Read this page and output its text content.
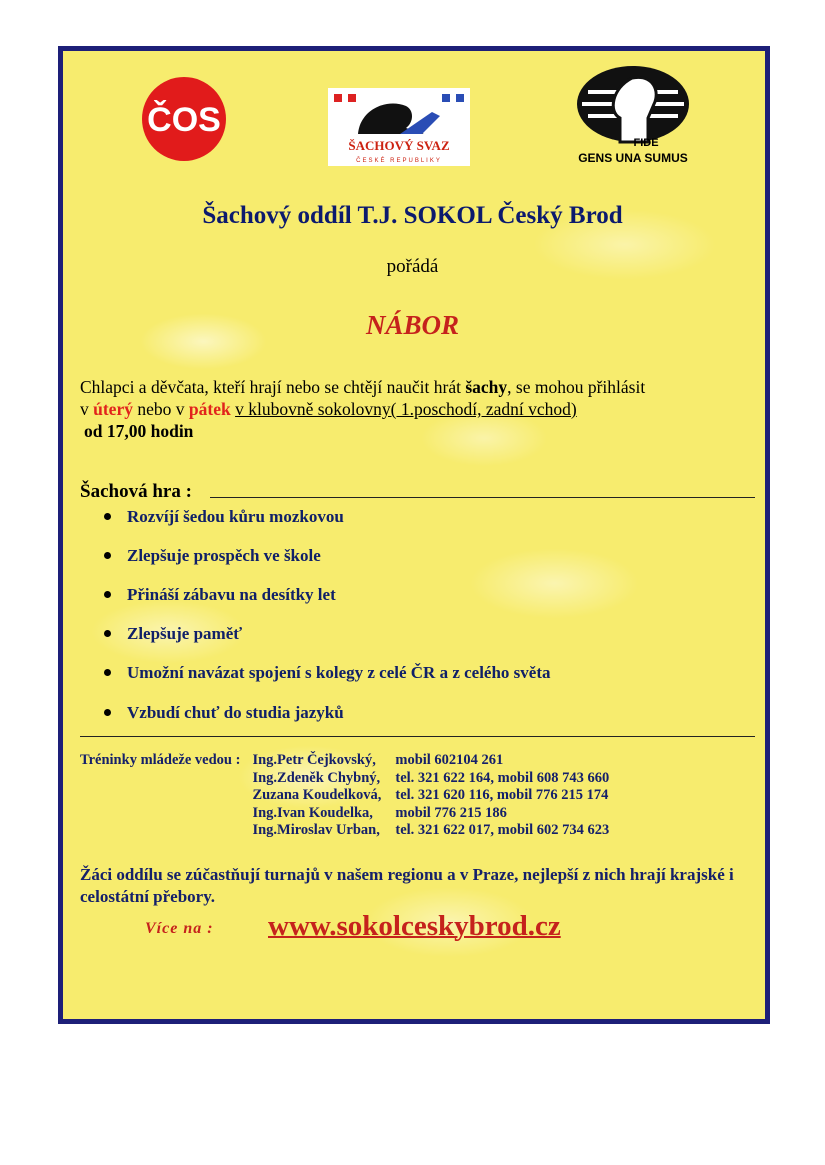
ČOS
ŠACHOVÝ SVAZ
ČESKÉ REPUBLIKY
FIDE
GENS UNA SUMUS
Šachový oddíl T.J. SOKOL Český Brod
pořádá
NÁBOR
Chlapci a děvčata, kteří hrají nebo se chtějí naučit hrát šachy, se mohou přihlásit
v úterý nebo v pátek v klubovně sokolovny( 1.poschodí, zadní vchod)
od 17,00 hodin
Šachová hra :
Rozvíjí šedou kůru mozkovou
Zlepšuje prospěch ve škole
Přináší zábavu na desítky let
Zlepšuje paměť
Umožní navázat spojení s kolegy z celé ČR a z celého světa
Vzbudí chuť do studia jazyků
Tréninky mládeže vedou :	Ing.Petr Čejkovský,	mobil 602104 261
	Ing.Zdeněk Chybný,	tel. 321 622 164, mobil 608 743 660
	Zuzana Koudelková,	tel. 321 620 116, mobil 776 215 174
	Ing.Ivan Koudelka,	mobil 776 215 186
	Ing.Miroslav Urban,	tel. 321 622 017, mobil 602 734 623
Žáci oddílu se zúčastňují turnajů v našem regionu a v Praze, nejlepší z nich hrají krajské i celostátní přebory.
Více na : www.sokolceskybrod.cz
